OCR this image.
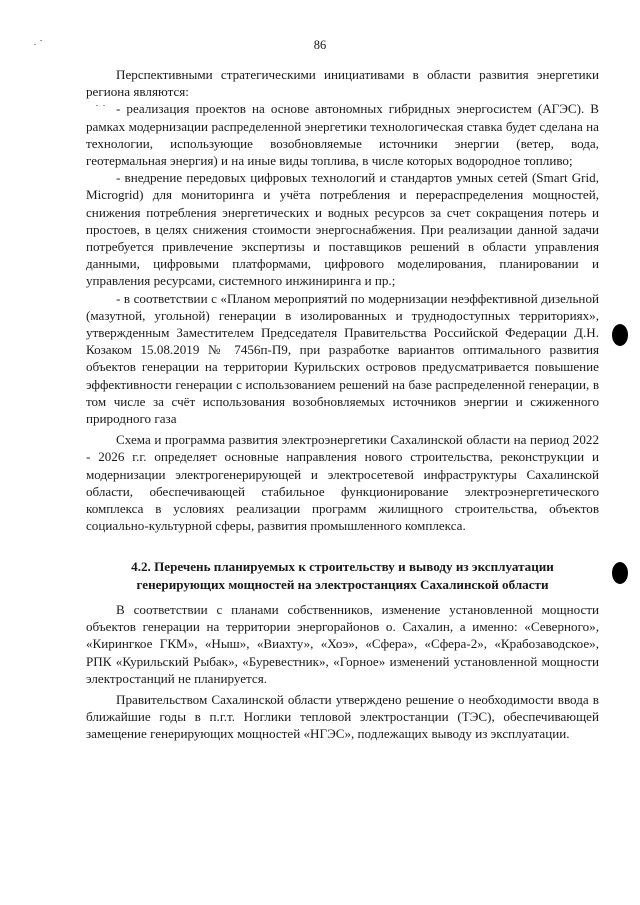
86

Перспективными стратегическими инициативами в области развития энергетики региона являются:

- реализация проектов на основе автономных гибридных энергосистем (АГЭС). В рамках модернизации распределенной энергетики технологическая ставка будет сделана на технологии, использующие возобновляемые источники энергии (ветер, вода, геотермальная энергия) и на иные виды топлива, в числе которых водородное топливо;

- внедрение передовых цифровых технологий и стандартов умных сетей (Smart Grid, Microgrid) для мониторинга и учёта потребления и перераспределения мощностей, снижения потребления энергетических и водных ресурсов за счет сокращения потерь и простоев, в целях снижения стоимости энергоснабжения. При реализации данной задачи потребуется привлечение экспертизы и поставщиков решений в области управления данными, цифровыми платформами, цифрового моделирования, планировании и управления ресурсами, системного инжиниринга и пр.;

- в соответствии с «Планом мероприятий по модернизации неэффективной дизельной (мазутной, угольной) генерации в изолированных и труднодоступных территориях», утвержденным Заместителем Председателя Правительства Российской Федерации Д.Н. Козаком 15.08.2019 № 7456п-П9, при разработке вариантов оптимального развития объектов генерации на территории Курильских островов предусматривается повышение эффективности генерации с использованием решений на базе распределенной генерации, в том числе за счёт использования возобновляемых источников энергии и сжиженного природного газа

Схема и программа развития электроэнергетики Сахалинской области на период 2022 - 2026 г.г. определяет основные направления нового строительства, реконструкции и модернизации электрогенерирующей и электросетевой инфраструктуры Сахалинской области, обеспечивающей стабильное функционирование электроэнергетического комплекса в условиях реализации программ жилищного строительства, объектов социально-культурной сферы, развития промышленного комплекса.

4.2. Перечень планируемых к строительству и выводу из эксплуатации генерирующих мощностей на электростанциях Сахалинской области

В соответствии с планами собственников, изменение установленной мощности объектов генерации на территории энергорайонов о. Сахалин, а именно: «Северного», «Кирингкое ГКМ», «Ныш», «Виахту», «Хоэ», «Сфера», «Сфера-2», «Крабозаводское», РПК «Курильский Рыбак», «Буревестник», «Горное» изменений установленной мощности электростанций не планируется.

Правительством Сахалинской области утверждено решение о необходимости ввода в ближайшие годы в п.г.т. Ноглики тепловой электростанции (ТЭС), обеспечивающей замещение генерирующих мощностей «НГЭС», подлежащих выводу из эксплуатации.
